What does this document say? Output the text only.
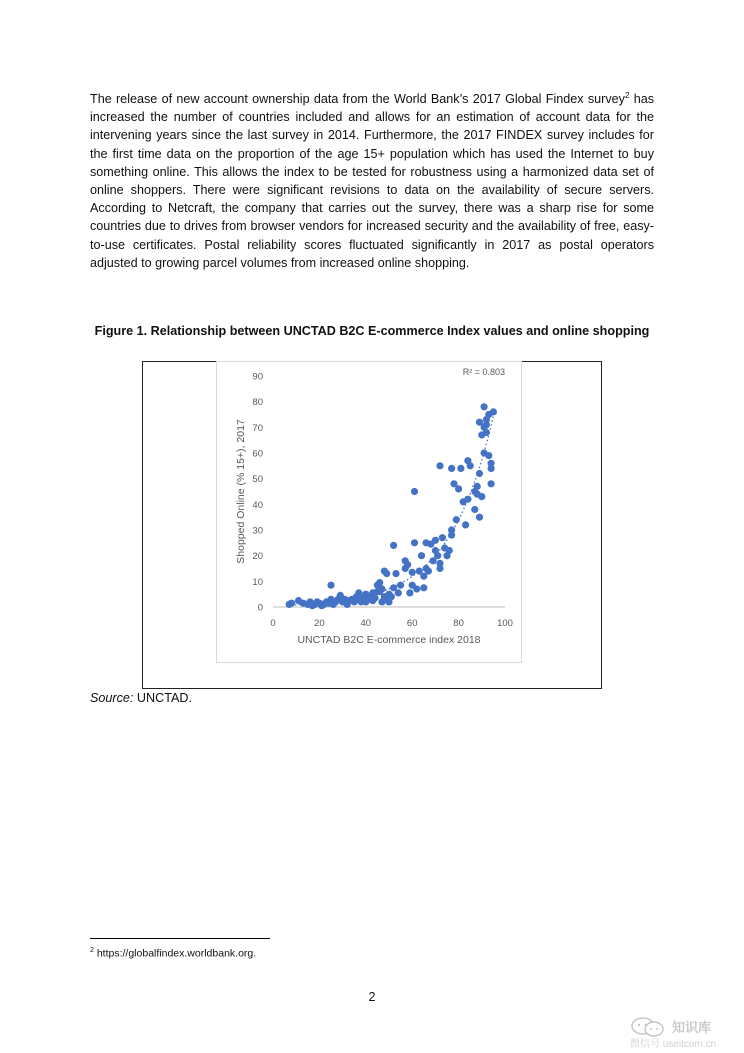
The release of new account ownership data from the World Bank’s 2017 Global Findex survey$^2$ has increased the number of countries included and allows for an estimation of account data for the intervening years since the last survey in 2014. Furthermore, the 2017 FINDEX survey includes for the first time data on the proportion of the age 15+ population which has used the Internet to buy something online. This allows the index to be tested for robustness using a harmonized data set of online shoppers. There were significant revisions to data on the availability of secure servers. According to Netcraft, the company that carries out the survey, there was a sharp rise for some countries due to drives from browser vendors for increased security and the availability of free, easy-to-use certificates. Postal reliability scores fluctuated significantly in 2017 as postal operators adjusted to growing parcel volumes from increased online shopping.

Figure 1. Relationship between UNCTAD B2C E-commerce Index values and online shopping

0
10
20
30
40
50
60
70
80
90
0	20	40	60	80	100
UNCTAD B2C E-commerce index 2018
Shopped Online (% 15+), 2017
R² = 0.803

Source: UNCTAD.

$^2$ https://globalfindex.worldbank.org.

2

知识库
微信号 useitcom.cn
